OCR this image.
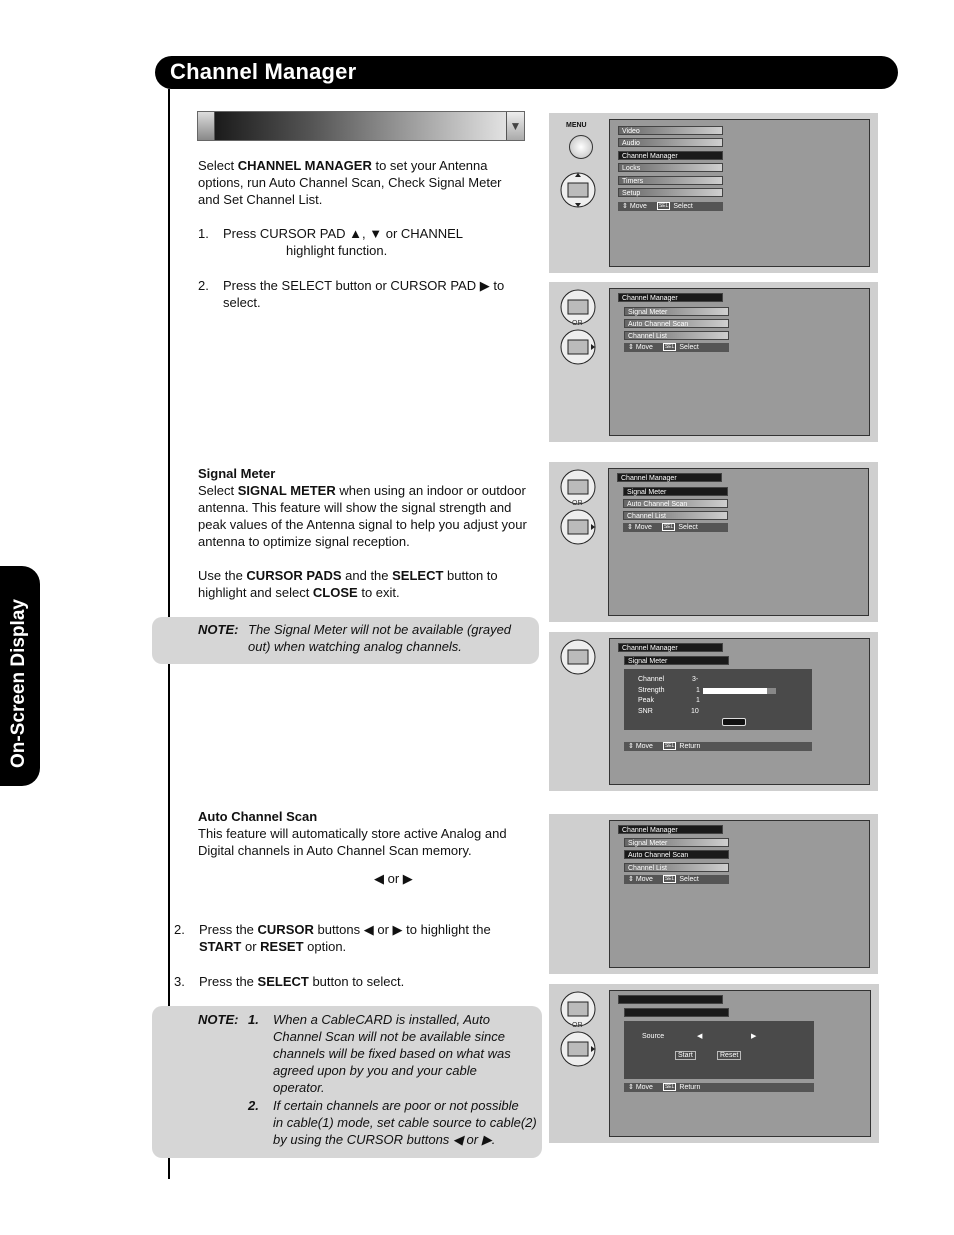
Channel Manager
On-Screen Display
▼
Select CHANNEL MANAGER to set your Antenna
options, run Auto Channel Scan, Check Signal Meter
and Set Channel List.
1. Press CURSOR PAD ▲, ▼ or CHANNEL
highlight function.
2. Press the SELECT button or CURSOR PAD ▶ to
select.
Signal Meter
Select SIGNAL METER when using an indoor or outdoor
antenna. This feature will show the signal strength and
peak values of the Antenna signal to help you adjust your
antenna to optimize signal reception.
Use the CURSOR PADS and the SELECT button to
highlight and select CLOSE to exit.
NOTE: The Signal Meter will not be available (grayed
out) when watching analog channels.
Auto Channel Scan
This feature will automatically store active Analog and
Digital channels in Auto Channel Scan memory.
◀ or ▶
2. Press the CURSOR buttons ◀ or ▶ to highlight the
START or RESET option.
3. Press the SELECT button to select.
NOTE: 1. When a CableCARD is installed, Auto
Channel Scan will not be available since
channels will be fixed based on what was
agreed upon by you and your cable
operator.
2. If certain channels are poor or not possible
in cable(1) mode, set cable source to cable(2)
by using the CURSOR buttons ◀ or ▶.
MENU
Video
Audio
Channel Manager
Locks
Timers
Setup
⇕ Move SEL Select
OR
Channel Manager
Signal Meter
Auto Channel Scan
Channel List
⇕ Move SEL Select
OR
Channel Manager
Signal Meter
Auto Channel Scan
Channel List
⇕ Move SEL Select
Channel Manager
Signal Meter
Channel	3-
Strength	1
Peak	1
SNR	10
⇕ Move SEL Return
Channel Manager
Signal Meter
Auto Channel Scan
Channel List
⇕ Move SEL Select
OR
Source	◀	▶
Start	Reset
⇕ Move SEL Return
